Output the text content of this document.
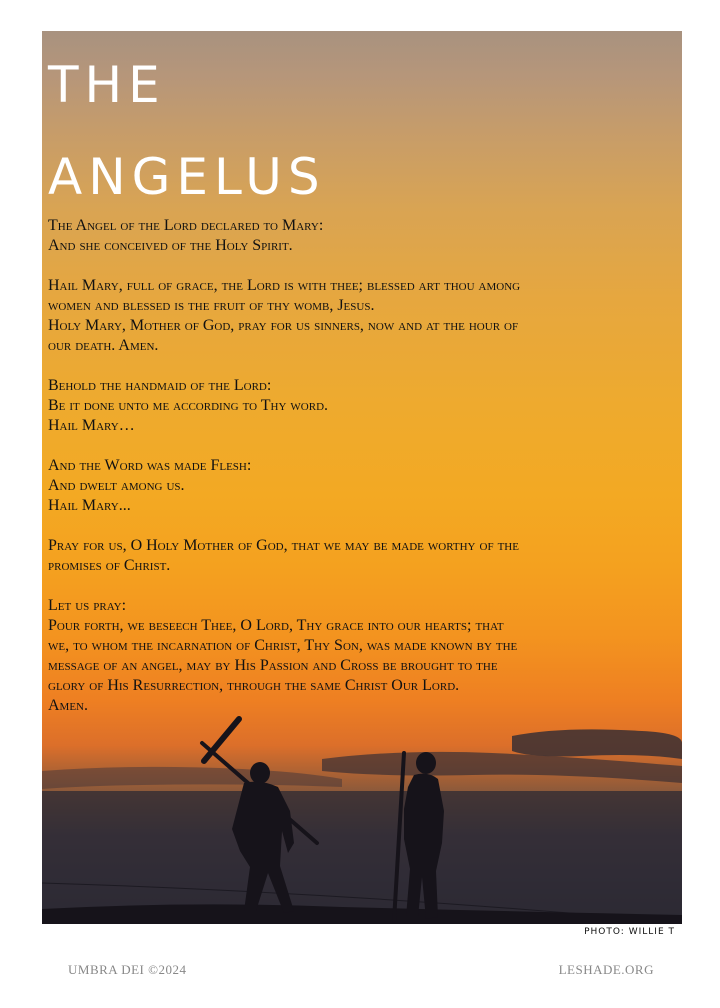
THE
ANGELUS

The Angel of the Lord declared to Mary:

And she conceived of the Holy Spirit.

Hail Mary, full of grace, the Lord is with thee; blessed art thou among

women and blessed is the fruit of thy womb, Jesus.

Holy Mary, Mother of God, pray for us sinners, now and at the hour of

our death. Amen.

Behold the handmaid of the Lord:

Be it done unto me according to Thy word.

Hail Mary…

And the Word was made Flesh:

And dwelt among us.

Hail Mary...

Pray for us, O Holy Mother of God, that we may be made worthy of the

promises of Christ.

Let us pray:

Pour forth, we beseech Thee, O Lord, Thy grace into our hearts; that

we, to whom the incarnation of Christ, Thy Son, was made known by the

message of an angel, may by His Passion and Cross be brought to the

glory of His Resurrection, through the same Christ Our Lord.

Amen.

PHOTO: WILLIE T
UMBRA DEI ©2024	LESHADE.ORG
